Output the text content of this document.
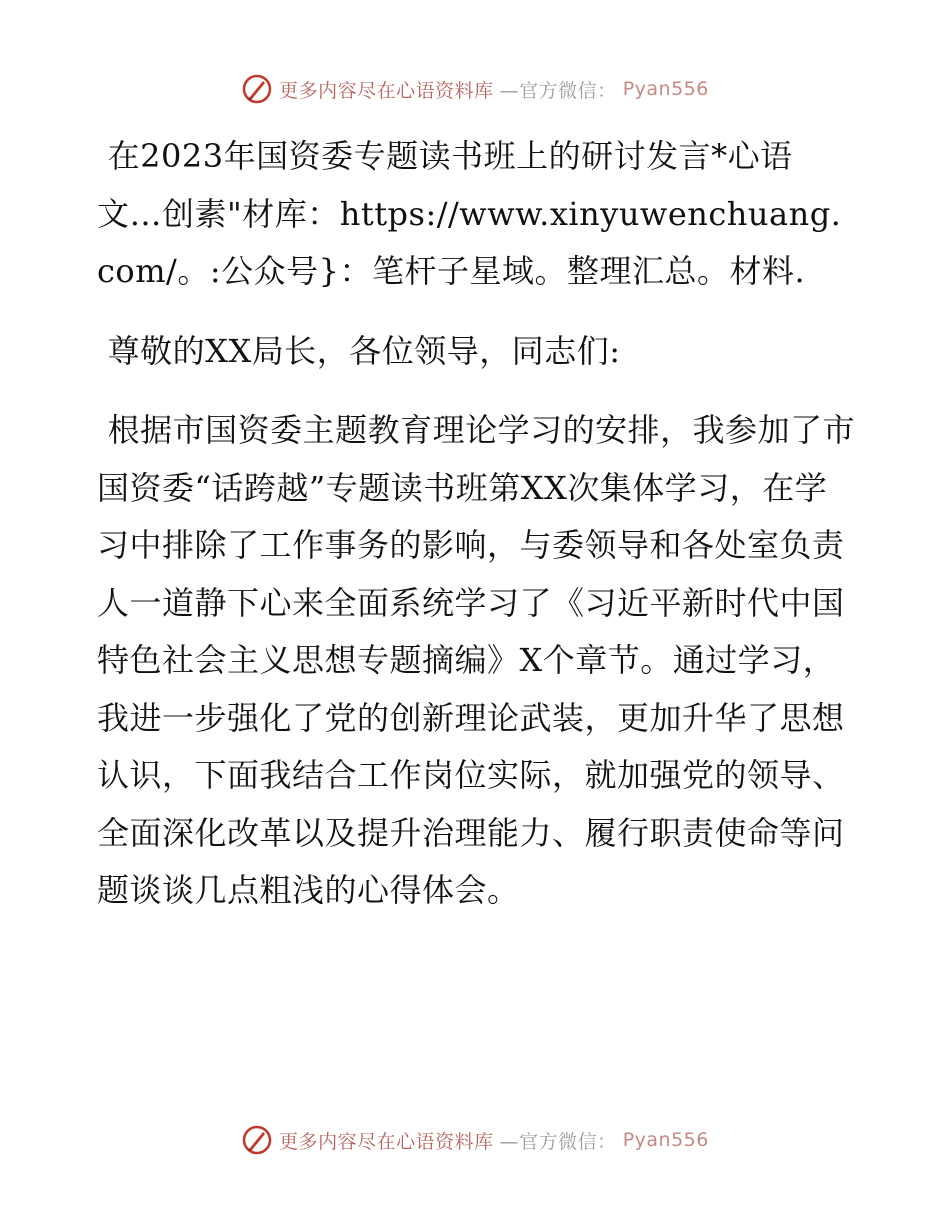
更多内容尽在心语资料库 —官方微信： Pyan556

在2023年国资委专题读书班上的研讨发言*心语文…创素"材库：https://www.xinyuwenchuang.com/。:公众号}：笔杆子星域。整理汇总。材料.

尊敬的XX局长，各位领导，同志们:

根据市国资委主题教育理论学习的安排，我参加了市国资委“话跨越”专题读书班第XX次集体学习，在学习中排除了工作事务的影响，与委领导和各处室负责人一道静下心来全面系统学习了《习近平新时代中国特色社会主义思想专题摘编》X个章节。通过学习，我进一步强化了党的创新理论武装，更加升华了思想认识，下面我结合工作岗位实际，就加强党的领导、全面深化改革以及提升治理能力、履行职责使命等问题谈谈几点粗浅的心得体会。

更多内容尽在心语资料库 —官方微信： Pyan556
